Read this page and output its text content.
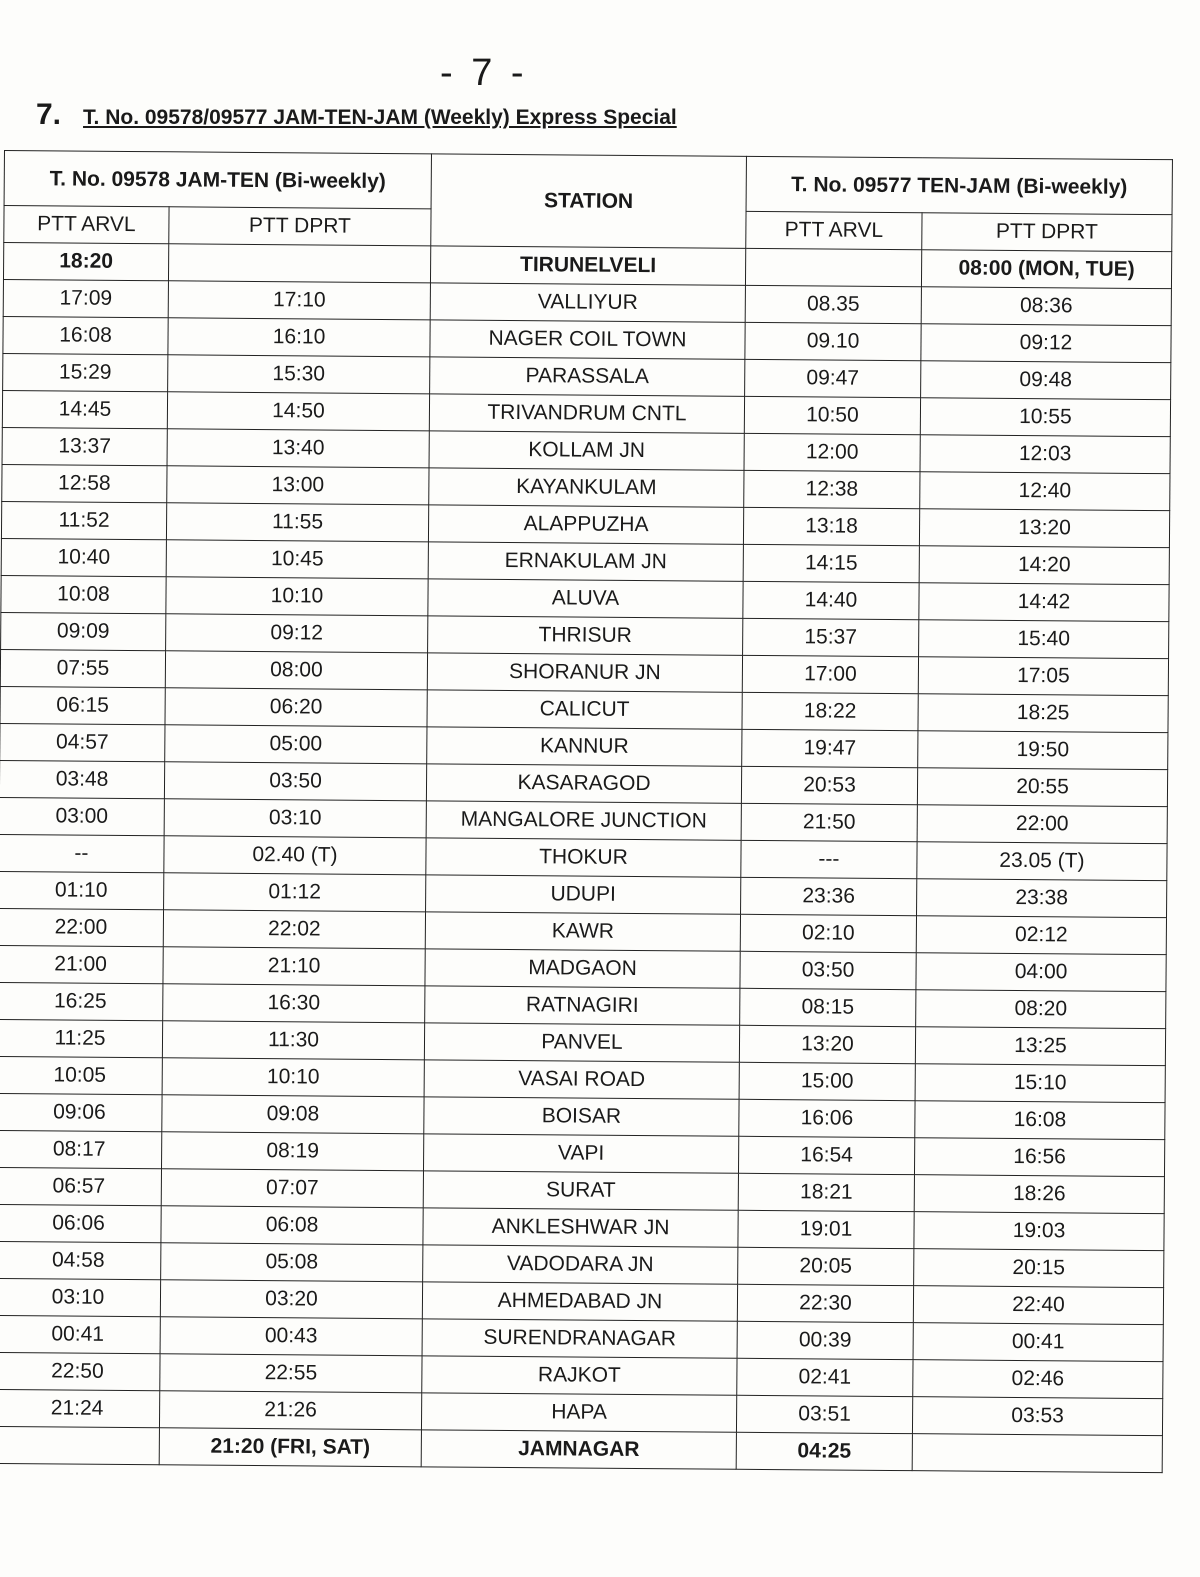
- 7 -
7. T. No. 09578/09577 JAM-TEN-JAM (Weekly) Express Special
T. No. 09578 JAM-TEN (Bi-weekly)		STATION	T. No. 09577 TEN-JAM (Bi-weekly)	
PTT ARVL	PTT DPRT		PTT ARVL	PTT DPRT
18:20		TIRUNELVELI		08:00 (MON, TUE)
17:09	17:10	VALLIYUR	08.35	08:36
16:08	16:10	NAGER COIL TOWN	09.10	09:12
15:29	15:30	PARASSALA	09:47	09:48
14:45	14:50	TRIVANDRUM CNTL	10:50	10:55
13:37	13:40	KOLLAM JN	12:00	12:03
12:58	13:00	KAYANKULAM	12:38	12:40
11:52	11:55	ALAPPUZHA	13:18	13:20
10:40	10:45	ERNAKULAM JN	14:15	14:20
10:08	10:10	ALUVA	14:40	14:42
09:09	09:12	THRISUR	15:37	15:40
07:55	08:00	SHORANUR JN	17:00	17:05
06:15	06:20	CALICUT	18:22	18:25
04:57	05:00	KANNUR	19:47	19:50
03:48	03:50	KASARAGOD	20:53	20:55
03:00	03:10	MANGALORE JUNCTION	21:50	22:00
--	02.40 (T)	THOKUR	---	23.05 (T)
01:10	01:12	UDUPI	23:36	23:38
22:00	22:02	KAWR	02:10	02:12
21:00	21:10	MADGAON	03:50	04:00
16:25	16:30	RATNAGIRI	08:15	08:20
11:25	11:30	PANVEL	13:20	13:25
10:05	10:10	VASAI ROAD	15:00	15:10
09:06	09:08	BOISAR	16:06	16:08
08:17	08:19	VAPI	16:54	16:56
06:57	07:07	SURAT	18:21	18:26
06:06	06:08	ANKLESHWAR JN	19:01	19:03
04:58	05:08	VADODARA JN	20:05	20:15
03:10	03:20	AHMEDABAD JN	22:30	22:40
00:41	00:43	SURENDRANAGAR	00:39	00:41
22:50	22:55	RAJKOT	02:41	02:46
21:24	21:26	HAPA	03:51	03:53
	21:20 (FRI, SAT)	JAMNAGAR	04:25	
